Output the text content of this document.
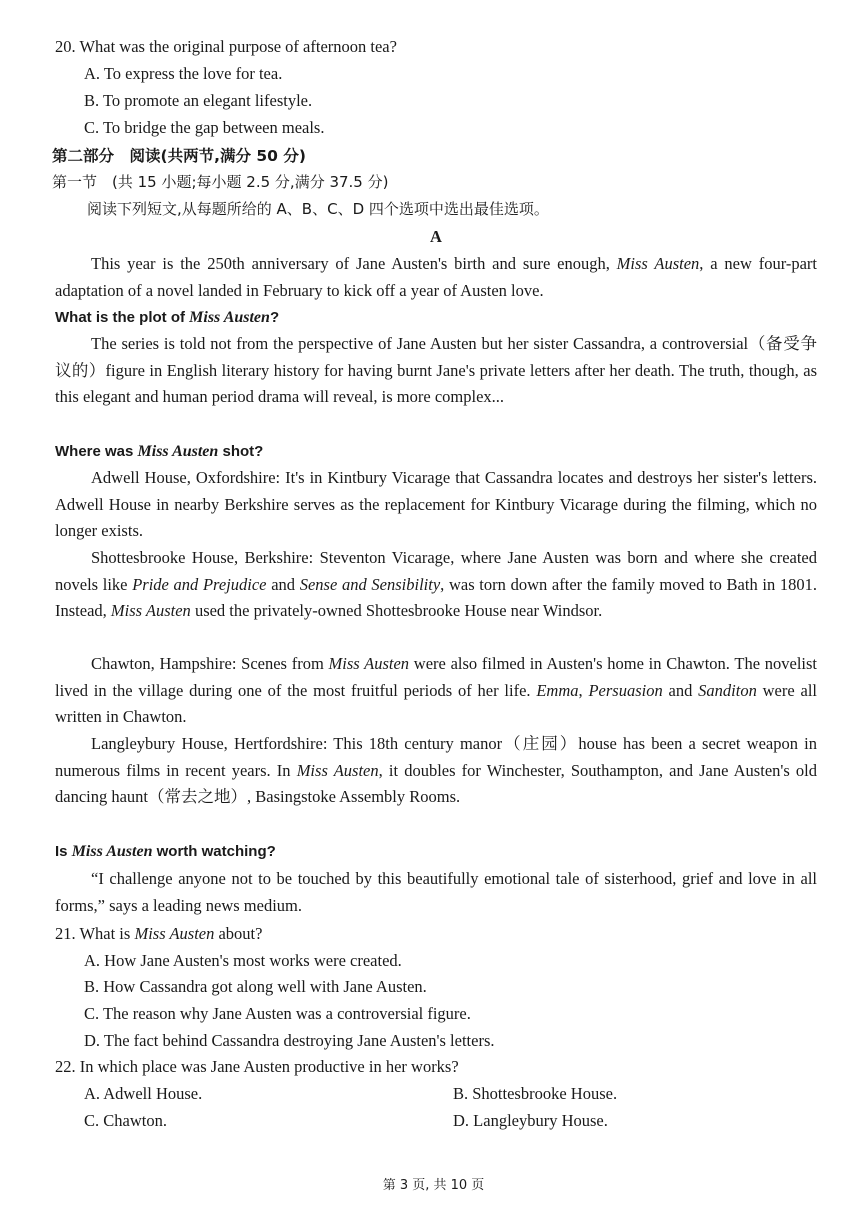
20. What was the original purpose of afternoon tea?
A. To express the love for tea.
B. To promote an elegant lifestyle.
C. To bridge the gap between meals.
第二部分　阅读(共两节,满分 50 分)
第一节　(共 15 小题;每小题 2.5 分,满分 37.5 分)
阅读下列短文,从每题所给的 A、B、C、D 四个选项中选出最佳选项。
A
This year is the 250th anniversary of Jane Austen's birth and sure enough, Miss Austen, a new four-part adaptation of a novel landed in February to kick off a year of Austen love.
What is the plot of Miss Austen?
The series is told not from the perspective of Jane Austen but her sister Cassandra, a controversial（备受争议的）figure in English literary history for having burnt Jane's private letters after her death. The truth, though, as this elegant and human period drama will reveal, is more complex...
Where was Miss Austen shot?
Adwell House, Oxfordshire: It's in Kintbury Vicarage that Cassandra locates and destroys her sister's letters. Adwell House in nearby Berkshire serves as the replacement for Kintbury Vicarage during the filming, which no longer exists.
Shottesbrooke House, Berkshire: Steventon Vicarage, where Jane Austen was born and where she created novels like Pride and Prejudice and Sense and Sensibility, was torn down after the family moved to Bath in 1801. Instead, Miss Austen used the privately-owned Shottesbrooke House near Windsor.
Chawton, Hampshire: Scenes from Miss Austen were also filmed in Austen's home in Chawton. The novelist lived in the village during one of the most fruitful periods of her life. Emma, Persuasion and Sanditon were all written in Chawton.
Langleybury House, Hertfordshire: This 18th century manor（庄园）house has been a secret weapon in numerous films in recent years. In Miss Austen, it doubles for Winchester, Southampton, and Jane Austen's old dancing haunt（常去之地）, Basingstoke Assembly Rooms.
Is Miss Austen worth watching?
“I challenge anyone not to be touched by this beautifully emotional tale of sisterhood, grief and love in all forms,” says a leading news medium.
21. What is Miss Austen about?
A. How Jane Austen's most works were created.
B. How Cassandra got along well with Jane Austen.
C. The reason why Jane Austen was a controversial figure.
D. The fact behind Cassandra destroying Jane Austen's letters.
22. In which place was Jane Austen productive in her works?
A. Adwell House.	B. Shottesbrooke House.
C. Chawton.	D. Langleybury House.
第 3 页, 共 10 页
